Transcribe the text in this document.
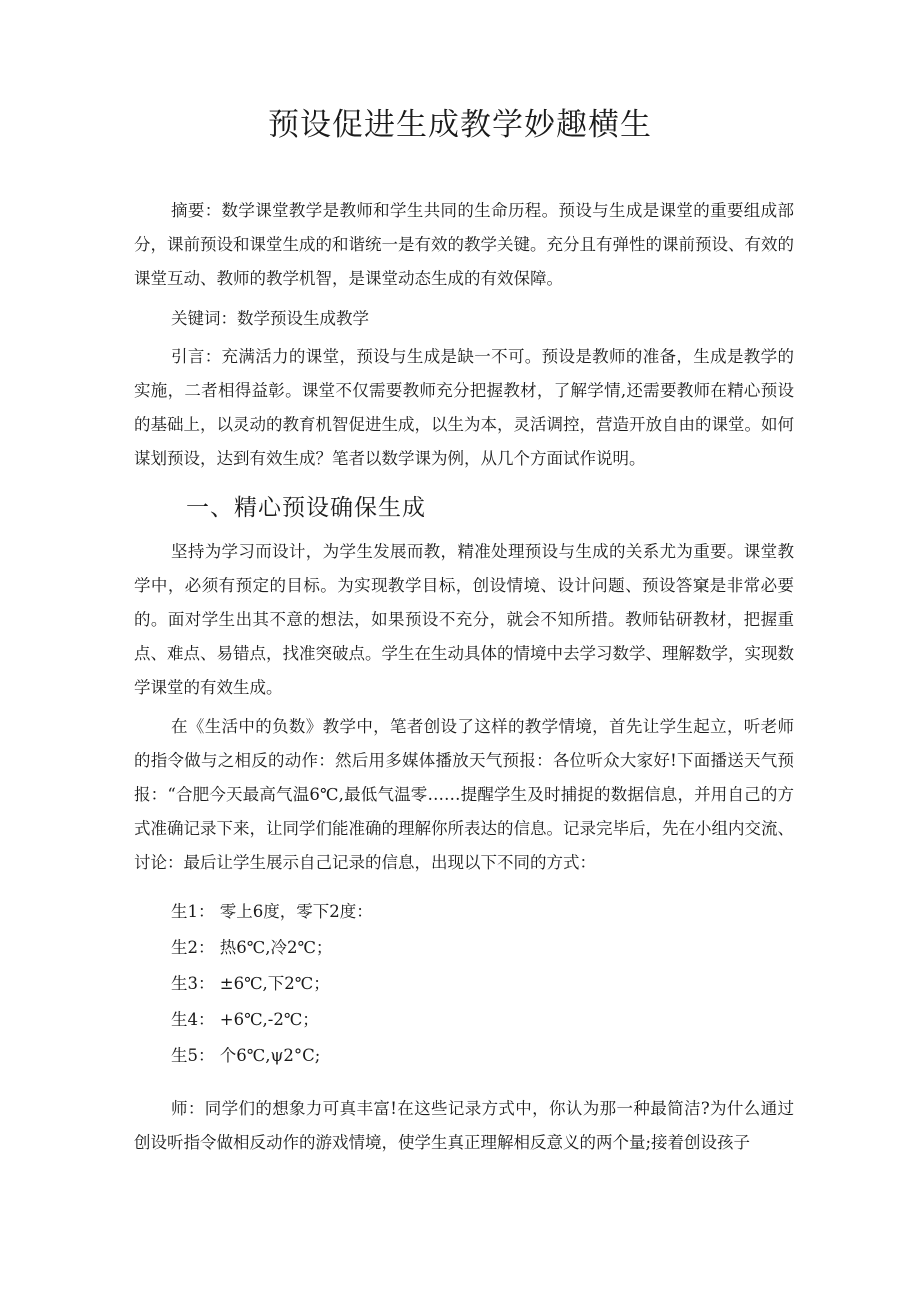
预设促进生成教学妙趣横生

摘要：数学课堂教学是教师和学生共同的生命历程。预设与生成是课堂的重要组成部分，课前预设和课堂生成的和谐统一是有效的教学关键。充分且有弹性的课前预设、有效的课堂互动、教师的教学机智，是课堂动态生成的有效保障。

关键词：数学预设生成教学

引言：充满活力的课堂，预设与生成是缺一不可。预设是教师的准备，生成是教学的实施，二者相得益彰。课堂不仅需要教师充分把握教材，了解学情,还需要教师在精心预设的基础上，以灵动的教育机智促进生成，以生为本，灵活调控，营造开放自由的课堂。如何谋划预设，达到有效生成？笔者以数学课为例，从几个方面试作说明。

一、精心预设确保生成

坚持为学习而设计，为学生发展而教，精准处理预设与生成的关系尤为重要。课堂教学中，必须有预定的目标。为实现教学目标，创设情境、设计问题、预设答窠是非常必要的。面对学生出其不意的想法，如果预设不充分，就会不知所措。教师钻研教材，把握重点、难点、易错点，找准突破点。学生在生动具体的情境中去学习数学、理解数学，实现数学课堂的有效生成。

在《生活中的负数》教学中，笔者创设了这样的教学情境，首先让学生起立，听老师的指令做与之相反的动作：然后用多媒体播放天气预报：各位听众大家好!下面播送天气预报：“合肥今天最高气温6℃,最低气温零……提醒学生及时捕捉的数据信息，并用自己的方式准确记录下来，让同学们能准确的理解你所表达的信息。记录完毕后，先在小组内交流、讨论：最后让学生展示自己记录的信息，出现以下不同的方式：

生1： 零上6度，零下2度：
生2： 热6℃,冷2℃；
生3： ±6℃,下2℃；
生4： +6℃,-2℃；
生5： 个6℃,ψ2°C;

师：同学们的想象力可真丰富!在这些记录方式中，你认为那一种最简洁?为什么通过创设听指令做相反动作的游戏情境，使学生真正理解相反意义的两个量;接着创设孩子
